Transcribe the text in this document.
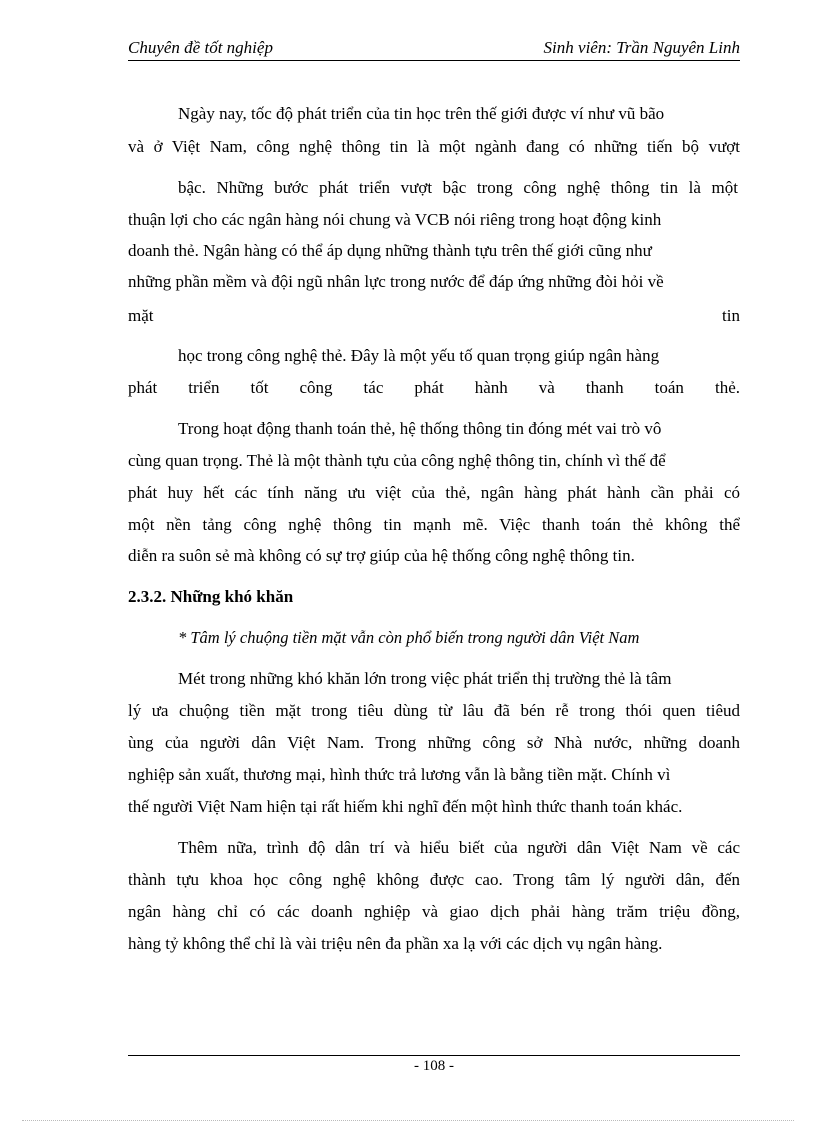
Chuyên đề tốt nghiệp	Sinh viên: Trần Nguyên Linh
Ngày nay, tốc độ phát triển của tin học trên thế giới được ví như vũ bão
và ở Việt Nam, công nghệ thông tin là một ngành đang có những tiến bộ vượt
bậc. Những bước phát triển vượt bậc trong công nghệ thông tin là một
thuận lợi cho các ngân hàng nói chung và VCB nói riêng trong hoạt động kinh
doanh thẻ. Ngân hàng có thể áp dụng những thành tựu trên thế giới cũng như
những phần mềm và đội ngũ nhân lực trong nước để đáp ứng những đòi hỏi về
mặt	tin
học trong công nghệ thẻ. Đây là một yếu tố quan trọng giúp ngân hàng
phát triển tốt công tác phát hành và thanh toán thẻ.
Trong hoạt động thanh toán thẻ, hệ thống thông tin đóng mét vai trò vô
cùng quan trọng. Thẻ là một thành tựu của công nghệ thông tin, chính vì thế để
phát huy hết các tính năng ưu việt của thẻ, ngân hàng phát hành cần phải có
một nền tảng công nghệ thông tin mạnh mẽ. Việc thanh toán thẻ không thể
diễn ra suôn sẻ mà không có sự trợ giúp của hệ thống công nghệ thông tin.
2.3.2. Những khó khăn
* Tâm lý chuộng tiền mặt vẫn còn phổ biến trong người dân Việt Nam
Mét trong những khó khăn lớn trong việc phát triển thị trường thẻ là tâm
lý ưa chuộng tiền mặt trong tiêu dùng từ lâu đã bén rễ trong thói quen tiêud
ùng của người dân Việt Nam. Trong những công sở Nhà nước, những doanh
nghiệp sản xuất, thương mại, hình thức trả lương vẫn là bằng tiền mặt. Chính vì
thế người Việt Nam hiện tại rất hiếm khi nghĩ đến một hình thức thanh toán khác.
Thêm nữa, trình độ dân trí và hiểu biết của người dân Việt Nam về các
thành tựu khoa học công nghệ không được cao. Trong tâm lý người dân, đến
ngân hàng chỉ có các doanh nghiệp và giao dịch phải hàng trăm triệu đồng,
hàng tỷ không thể chỉ là vài triệu nên đa phần xa lạ với các dịch vụ ngân hàng.
- 108 -
